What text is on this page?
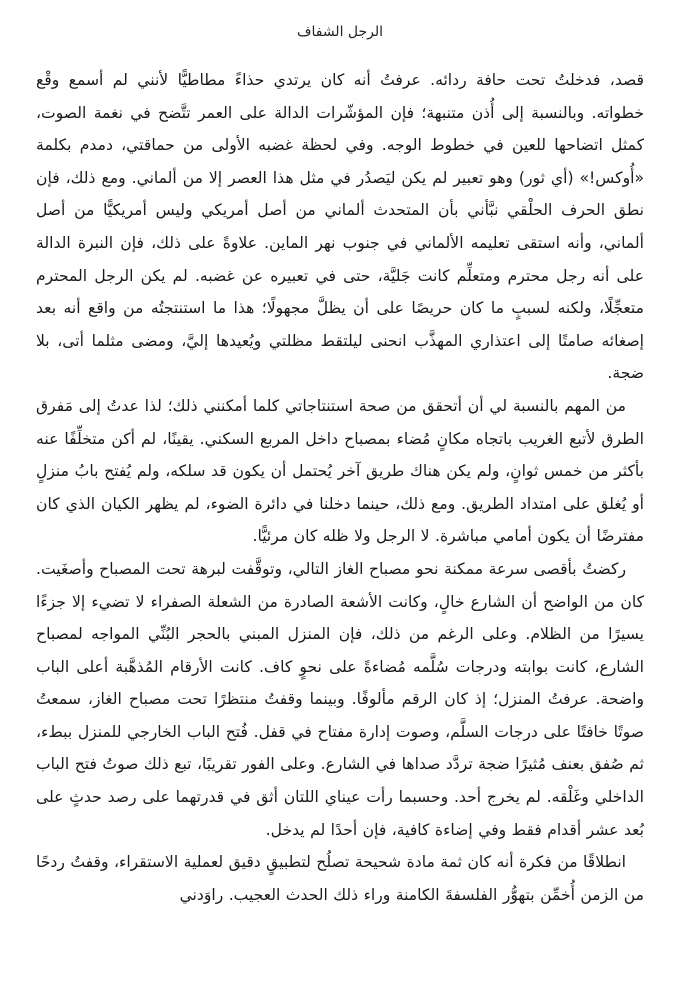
الرجل الشفاف

قصد، فدخلتُ تحت حافة ردائه. عرفتُ أنه كان يرتدي حذاءً مطاطيًّا لأنني لم أسمع وقْع خطواته. وبالنسبة إلى أُذن متنبهة؛ فإن المؤشّرات الدالة على العمر تتَّضح في نغمة الصوت، كمثل اتضاحها للعين في خطوط الوجه. وفي لحظة غضبه الأولى من حماقتي، دمدم بكلمة «أُوكس!» (أي ثور) وهو تعبير لم يكن ليَصدُر في مثل هذا العصر إلا من ألماني. ومع ذلك، فإن نطق الحرف الحلْقي نبَّأني بأن المتحدث ألماني من أصل أمريكي وليس أمريكيًّا من أصل ألماني، وأنه استقى تعليمه الألماني في جنوب نهر الماين. علاوةً على ذلك، فإن النبرة الدالة على أنه رجل محترم ومتعلِّم كانت جَليَّة، حتى في تعبيره عن غضبه. لم يكن الرجل المحترم متعجِّلًا، ولكنه لسببٍ ما كان حريصًا على أن يظلَّ مجهولًا؛ هذا ما استنتجتُه من واقع أنه بعد إصغائه صامتًا إلى اعتذاري المهذَّب انحنى ليلتقط مظلتي ويُعيدها إليَّ، ومضى مثلما أتى، بلا ضجة.

من المهم بالنسبة لي أن أتحقق من صحة استنتاجاتي كلما أمكنني ذلك؛ لذا عدتُ إلى مَفرق الطرق لأتبع الغريب باتجاه مكانٍ مُضاء بمصباح داخل المربع السكني. يقينًا، لم أكن متخلِّفًا عنه بأكثر من خمس ثوانٍ، ولم يكن هناك طريق آخر يُحتمل أن يكون قد سلكه، ولم يُفتح بابُ منزلٍ أو يُغلق على امتداد الطريق. ومع ذلك، حينما دخلنا في دائرة الضوء، لم يظهر الكيان الذي كان مفترضًا أن يكون أمامي مباشرة. لا الرجل ولا ظله كان مرئيًّا.

ركضتُ بأقصى سرعة ممكنة نحو مصباح الغاز التالي، وتوقَّفت لبرهة تحت المصباح وأصغَيت. كان من الواضح أن الشارع خالٍ، وكانت الأشعة الصادرة من الشعلة الصفراء لا تضيء إلا جزءًا يسيرًا من الظلام. وعلى الرغم من ذلك، فإن المنزل المبني بالحجر البُنِّي المواجه لمصباح الشارع، كانت بوابته ودرجات سُلَّمه مُضاءةً على نحوٍ كاف. كانت الأرقام المُذهَّبة أعلى الباب واضحة. عرفتُ المنزل؛ إذ كان الرقم مألوفًا. وبينما وقفتُ منتظرًا تحت مصباح الغاز، سمعتُ صوتًا خافتًا على درجات السلَّم، وصوت إدارة مفتاح في قفل. فُتح الباب الخارجي للمنزل ببطء، ثم صُفق بعنف مُثيرًا ضجة تردَّد صداها في الشارع. وعلى الفور تقريبًا، تبع ذلك صوتُ فتح الباب الداخلي وغَلْقه. لم يخرج أحد. وحسبما رأت عيناي اللتان أثق في قدرتهما على رصد حدثٍ على بُعد عشر أقدام فقط وفي إضاءة كافية، فإن أحدًا لم يدخل.

انطلاقًا من فكرة أنه كان ثمة مادة شحيحة تصلُح لتطبيقٍ دقيق لعملية الاستقراء، وقفتُ ردحًا من الزمن أُخمِّن بتهوُّر الفلسفةَ الكامنة وراء ذلك الحدث العجيب. راوَدني
